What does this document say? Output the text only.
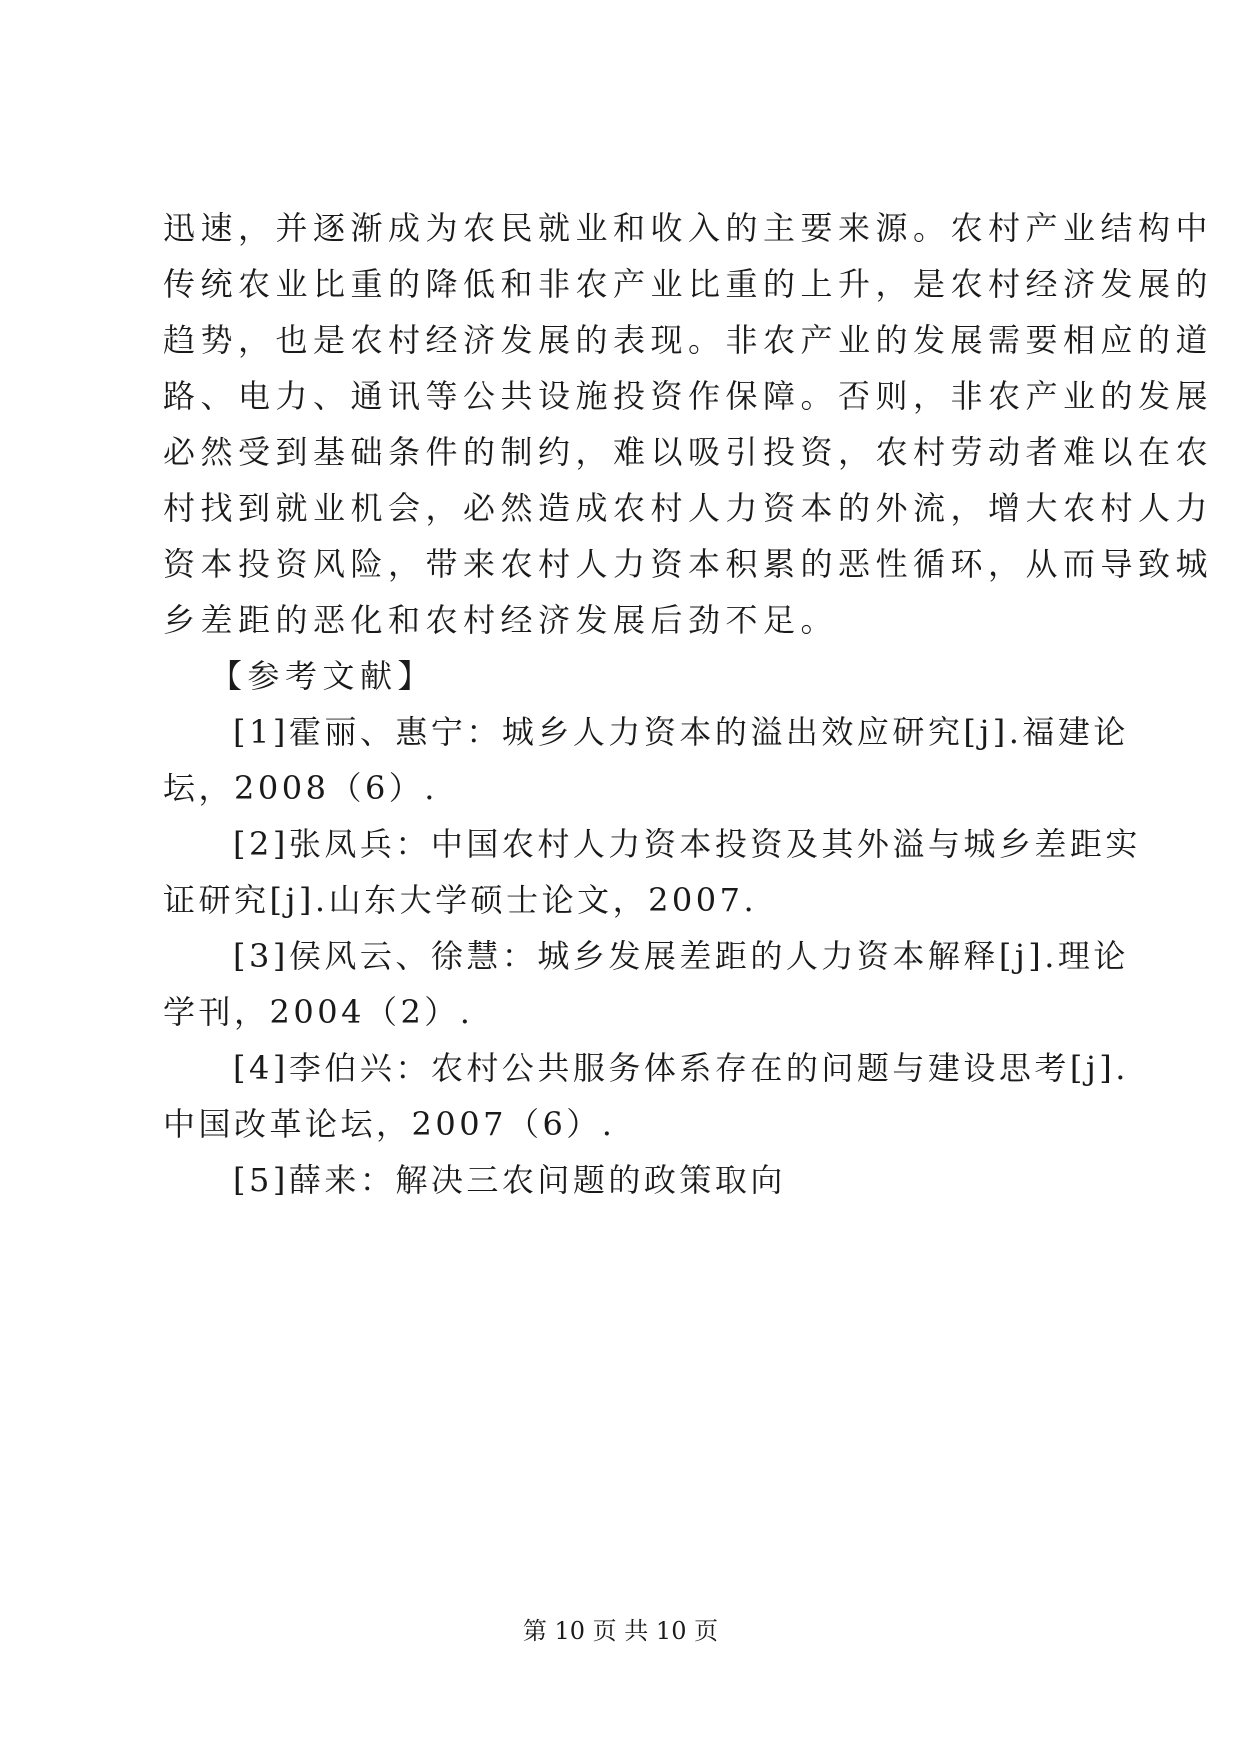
迅速，并逐渐成为农民就业和收入的主要来源。农村产业结构中
传统农业比重的降低和非农产业比重的上升，是农村经济发展的
趋势，也是农村经济发展的表现。非农产业的发展需要相应的道
路、电力、通讯等公共设施投资作保障。否则，非农产业的发展
必然受到基础条件的制约，难以吸引投资，农村劳动者难以在农
村找到就业机会，必然造成农村人力资本的外流，增大农村人力
资本投资风险，带来农村人力资本积累的恶性循环，从而导致城
乡差距的恶化和农村经济发展后劲不足。
【参考文献】
[1]霍丽、惠宁：城乡人力资本的溢出效应研究[j].福建论
坛，2008（6）.
[2]张凤兵：中国农村人力资本投资及其外溢与城乡差距实
证研究[j].山东大学硕士论文，2007.
[3]侯风云、徐慧：城乡发展差距的人力资本解释[j].理论
学刊，2004（2）.
[4]李伯兴：农村公共服务体系存在的问题与建设思考[j].
中国改革论坛，2007（6）.
[5]薛来：解决三农问题的政策取向
第 10 页 共 10 页
